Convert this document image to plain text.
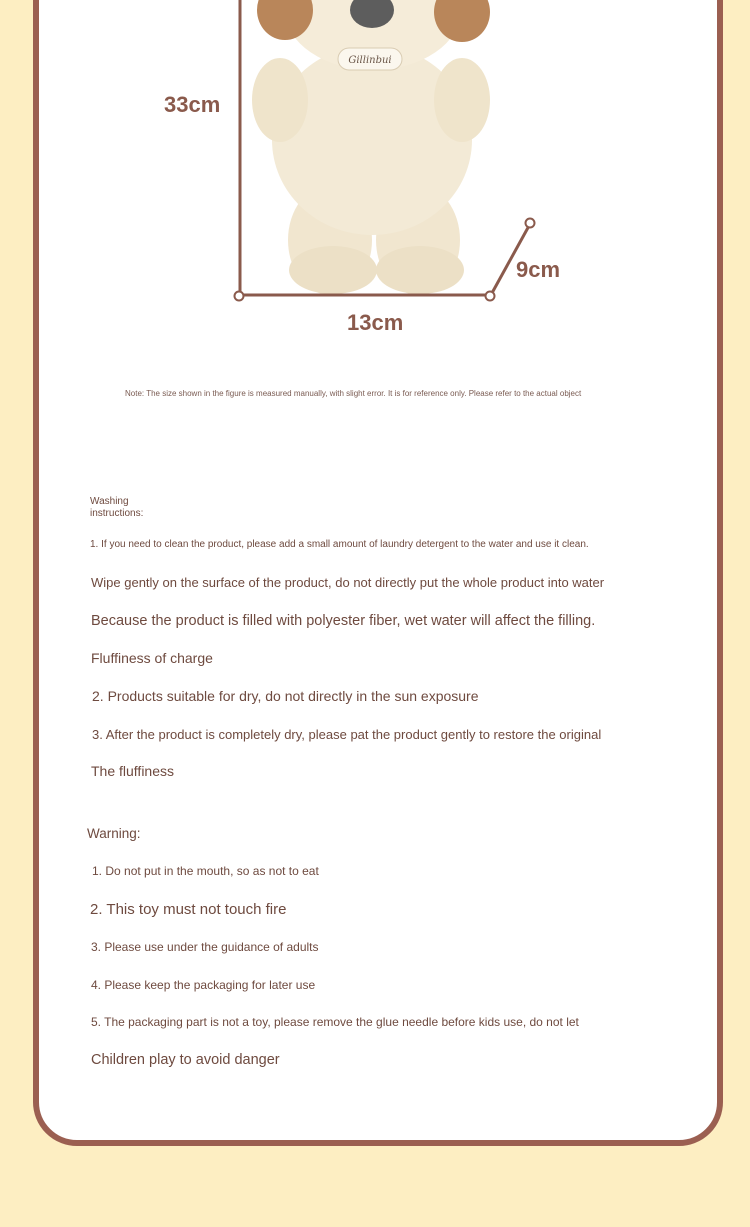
Gillinbui
33cm
9cm
13cm
Note: The size shown in the figure is measured manually, with slight error. It is for reference only. Please refer to the actual object
Washing instructions:
1. If you need to clean the product, please add a small amount of laundry detergent to the water and use it clean.
Wipe gently on the surface of the product, do not directly put the whole product into water
Because the product is filled with polyester fiber, wet water will affect the filling.
Fluffiness of charge
2. Products suitable for dry, do not directly in the sun exposure
3. After the product is completely dry, please pat the product gently to restore the original
The fluffiness
Warning:
1. Do not put in the mouth, so as not to eat
2. This toy must not touch fire
3. Please use under the guidance of adults
4. Please keep the packaging for later use
5. The packaging part is not a toy, please remove the glue needle before kids use, do not let
Children play to avoid danger
